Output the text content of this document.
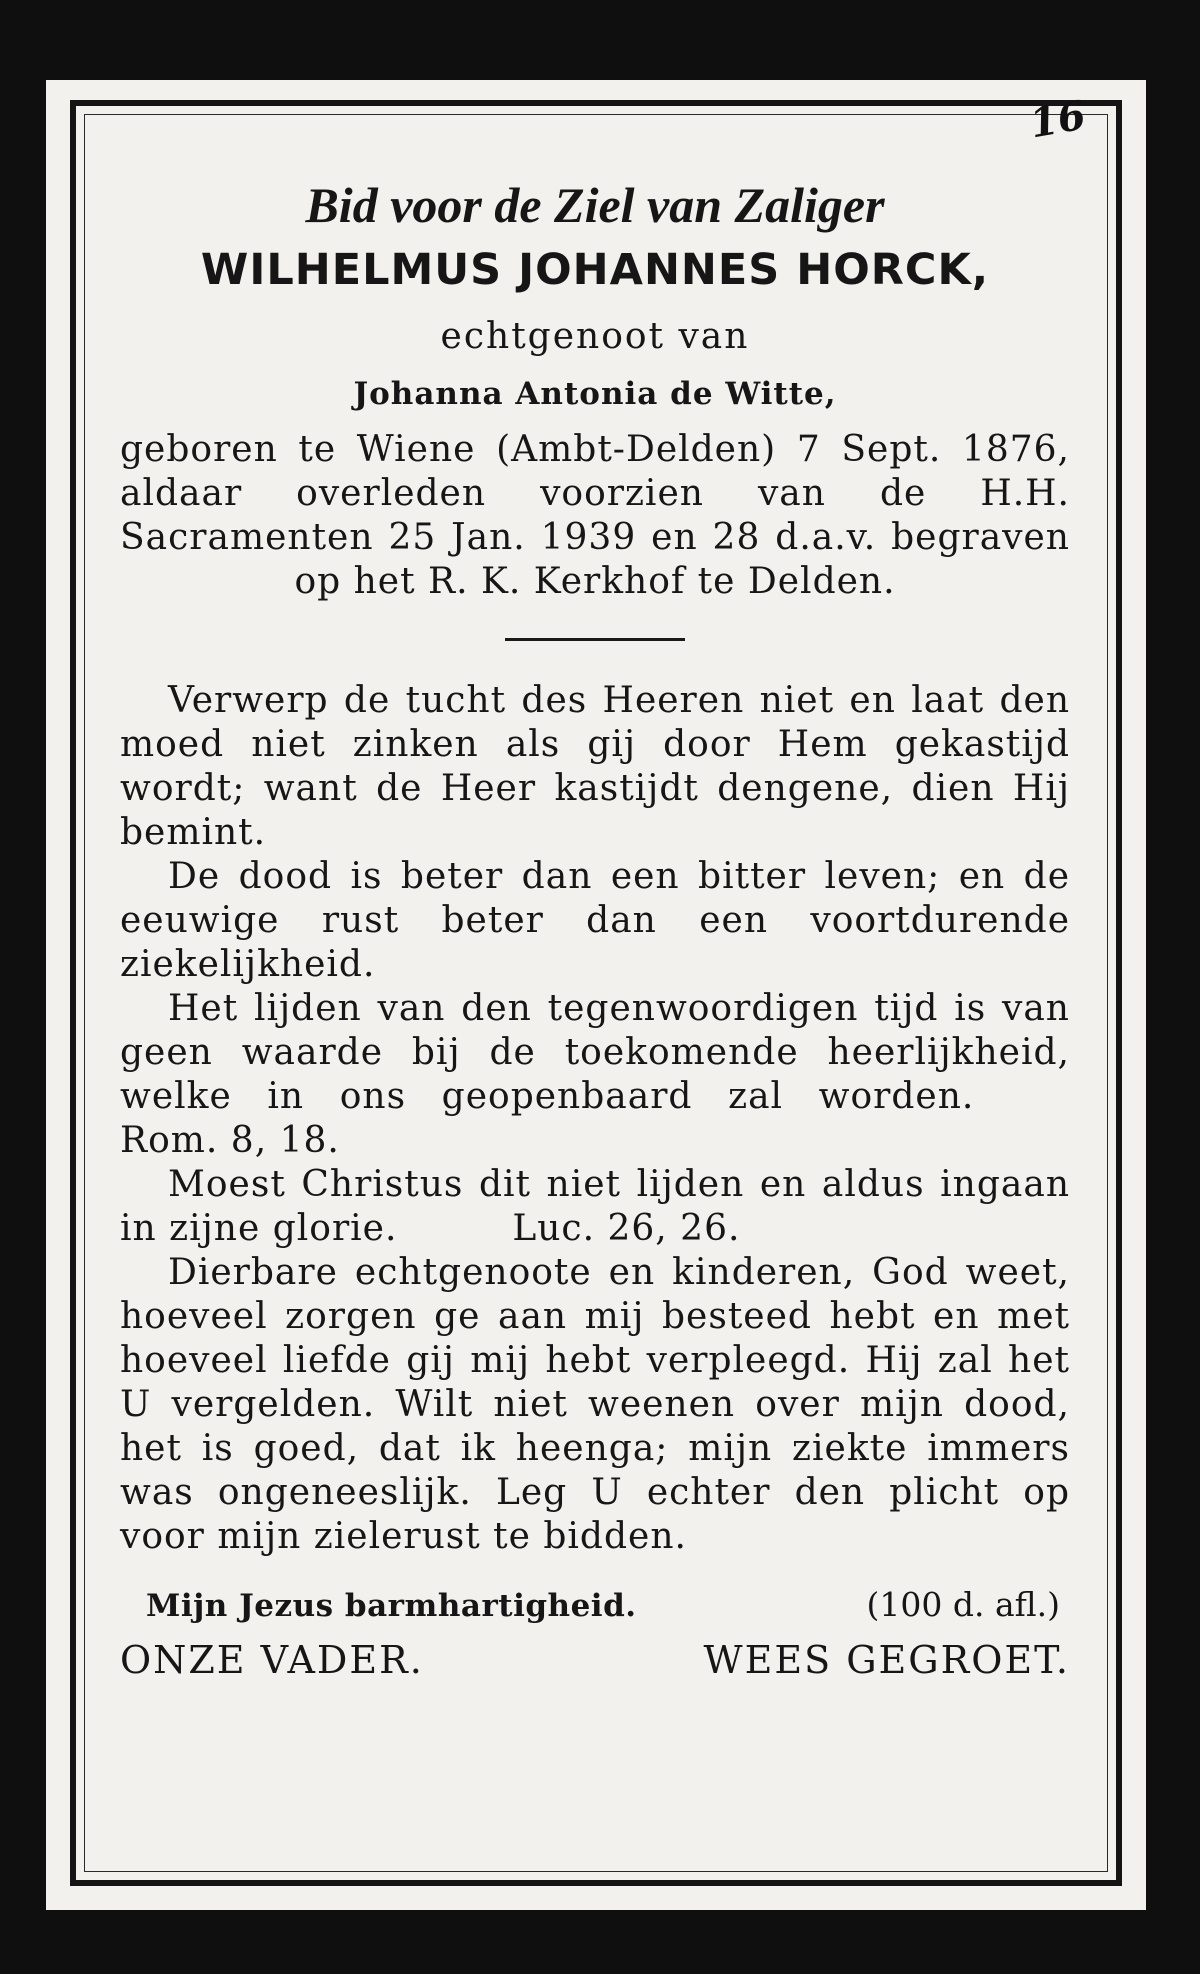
16

Bid voor de Ziel van Zaliger

WILHELMUS JOHANNES HORCK,

echtgenoot van

Johanna Antonia de Witte,

geboren te Wiene (Ambt-Delden) 7 Sept. 1876, aldaar overleden voorzien van de H.H. Sacramenten 25 Jan. 1939 en 28 d.a.v. begraven op het R. K. Kerkhof te Delden.

Verwerp de tucht des Heeren niet en laat den moed niet zinken als gij door Hem gekastijd wordt; want de Heer kastijdt dengene, dien Hij bemint.

De dood is beter dan een bitter leven; en de eeuwige rust beter dan een voortdurende ziekelijkheid.

Het lijden van den tegenwoordigen tijd is van geen waarde bij de toekomende heerlijkheid, welke in ons geopenbaard zal worden.  Rom. 8, 18.

Moest Christus dit niet lijden en aldus ingaan in zijne glorie.	Luc. 26, 26.

Dierbare echtgenoote en kinderen, God weet, hoeveel zorgen ge aan mij besteed hebt en met hoeveel liefde gij mij hebt verpleegd. Hij zal het U vergelden. Wilt niet weenen over mijn dood, het is goed, dat ik heenga; mijn ziekte immers was ongeneeslijk. Leg U echter den plicht op voor mijn zielerust te bidden.

Mijn Jezus barmhartigheid.	(100 d. afl.)
ONZE VADER.	WEES GEGROET.
